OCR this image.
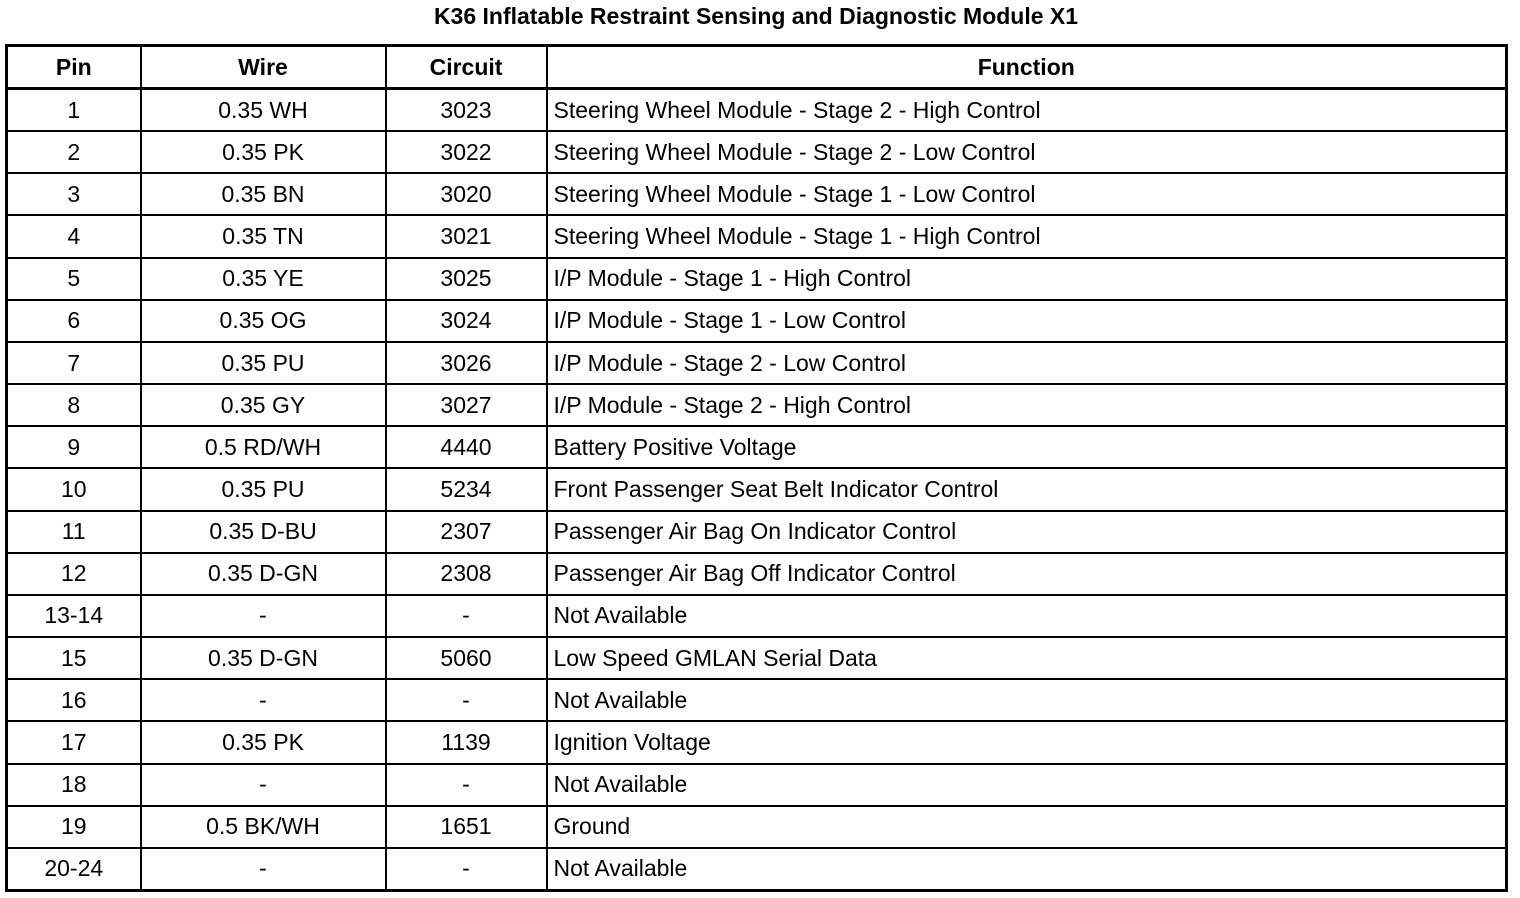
K36 Inflatable Restraint Sensing and Diagnostic Module X1
Pin	Wire	Circuit	Function
1	0.35 WH	3023	Steering Wheel Module - Stage 2 - High Control
2	0.35 PK	3022	Steering Wheel Module - Stage 2 - Low Control
3	0.35 BN	3020	Steering Wheel Module - Stage 1 - Low Control
4	0.35 TN	3021	Steering Wheel Module - Stage 1 - High Control
5	0.35 YE	3025	I/P Module - Stage 1 - High Control
6	0.35 OG	3024	I/P Module - Stage 1 - Low Control
7	0.35 PU	3026	I/P Module - Stage 2 - Low Control
8	0.35 GY	3027	I/P Module - Stage 2 - High Control
9	0.5 RD/WH	4440	Battery Positive Voltage
10	0.35 PU	5234	Front Passenger Seat Belt Indicator Control
11	0.35 D-BU	2307	Passenger Air Bag On Indicator Control
12	0.35 D-GN	2308	Passenger Air Bag Off Indicator Control
13-14	-	-	Not Available
15	0.35 D-GN	5060	Low Speed GMLAN Serial Data
16	-	-	Not Available
17	0.35 PK	1139	Ignition Voltage
18	-	-	Not Available
19	0.5 BK/WH	1651	Ground
20-24	-	-	Not Available
